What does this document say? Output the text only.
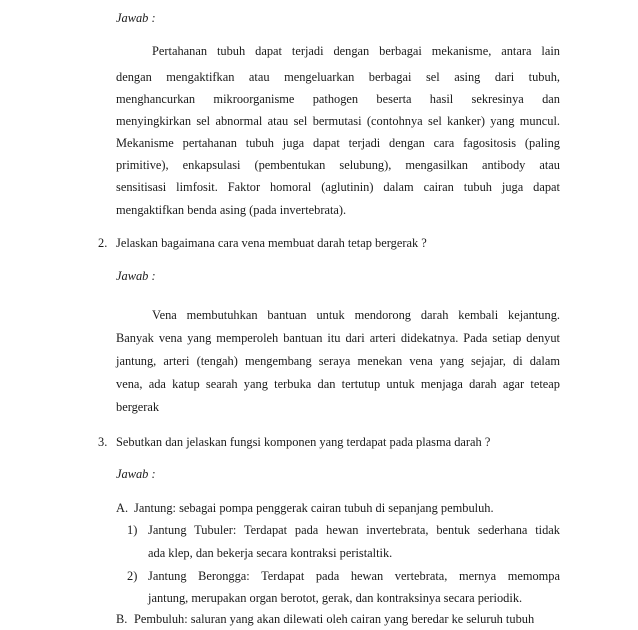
Jawab :
Pertahanan tubuh dapat terjadi dengan berbagai mekanisme, antara lain
dengan mengaktifkan atau mengeluarkan berbagai sel asing dari tubuh,
menghancurkan mikroorganisme pathogen beserta hasil sekresinya dan
menyingkirkan sel abnormal atau sel bermutasi (contohnya sel kanker) yang muncul.
Mekanisme pertahanan tubuh juga dapat terjadi dengan cara fagositosis (paling
primitive), enkapsulasi (pembentukan selubung), mengasilkan antibody atau
sensitisasi limfosit. Faktor homoral (aglutinin) dalam cairan tubuh juga dapat
mengaktifkan benda asing (pada invertebrata).
2. Jelaskan bagaimana cara vena membuat darah tetap bergerak ?
Jawab :
Vena membutuhkan bantuan untuk mendorong darah kembali kejantung.
Banyak vena yang memperoleh bantuan itu dari arteri didekatnya. Pada setiap denyut
jantung, arteri (tengah) mengembang seraya menekan vena yang sejajar, di dalam
vena, ada katup searah yang terbuka dan tertutup untuk menjaga darah agar teteap
bergerak
3. Sebutkan dan jelaskan fungsi komponen yang terdapat pada plasma darah ?
Jawab :
A. Jantung: sebagai pompa penggerak cairan tubuh di sepanjang pembuluh.
1) Jantung Tubuler: Terdapat pada hewan invertebrata, bentuk sederhana tidak
ada klep, dan bekerja secara kontraksi peristaltik.
2) Jantung Berongga: Terdapat pada hewan vertebrata, mernya memompa
jantung, merupakan organ berotot, gerak, dan kontraksinya secara periodik.
B. Pembuluh: saluran yang akan dilewati oleh cairan yang beredar ke seluruh tubuh
